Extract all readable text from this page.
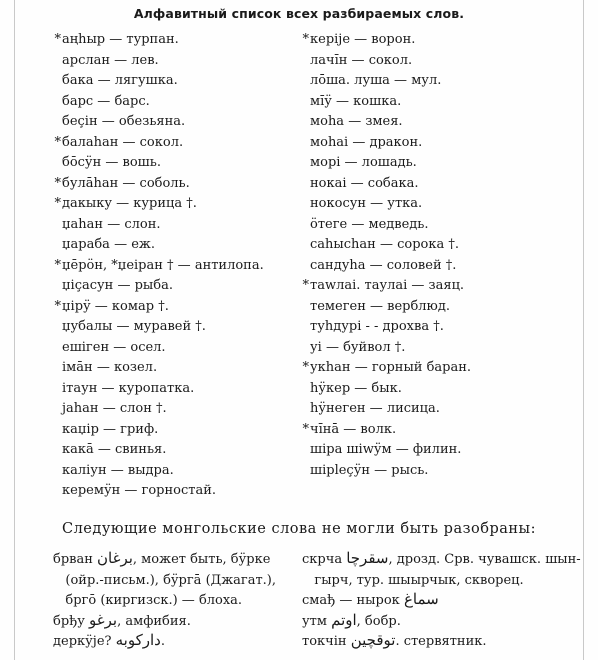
Алфавитный список всех разбираемых слов.
* аңһыр — турпан.
арслан — лев.
бака — лягушка.
барс — барс.
беҫін — обезьяна.
* балаһан — сокол.
бо̄сӱн — вошь.
* була̄һан — соболь.
* дакыку — курица †.
џаһан — слон.
џараба — еж.
* џе̄рӧн, *џеіран † — антилопа.
џіҫасун — рыба.
* џірӱ — комар †.
џубалы — муравей †.
ешігeн — осел.
іма̄н — козел.
ітаун — куропатка.
јаһан — слон †.
каџір — гриф.
кака̄ — свинья.
каліун — выдра.
кеpемӱн — горностай.
* керіјe — ворон.
лачі̄н — сокол.
лōша. луша — мул.
мі̄ӱ — кошка.
моһа — змея.
моһаі — дракон.
морі — лошадь.
нокаі — собака.
нокосун — утка.
ӧтеге — медведь.
саһысһан — сорока †.
сандуһа — соловей †.
* таwлаі. таулаі — заяц.
темеген — верблюд.
туһдурі - - дрохва †.
уі — буйвол †.
* укһан — горный баран.
һӱкер — бык.
һӱнеген — лисица.
* чі̄нā — волк.
шіра шіwӱм — филин.
шірlеҫӱн — рысь.
Следующие монгольские слова не могли быть разобраны:
брван برغان, может быть, бӱрке
(ойр.-письм.), бӱргā (Джагат.),
брго̄ (киргизск.) — блоха.
брђу برغو, амфибия.
деркӱјe? داركوبه.
скрча سقرچا, дрозд. Срв. чувашск. шын-
гырч, тур. шыырчык, скворец.
смађ — нырок سماغ
утм اوتم, бобр.
токчін توقچين. стервятник.
